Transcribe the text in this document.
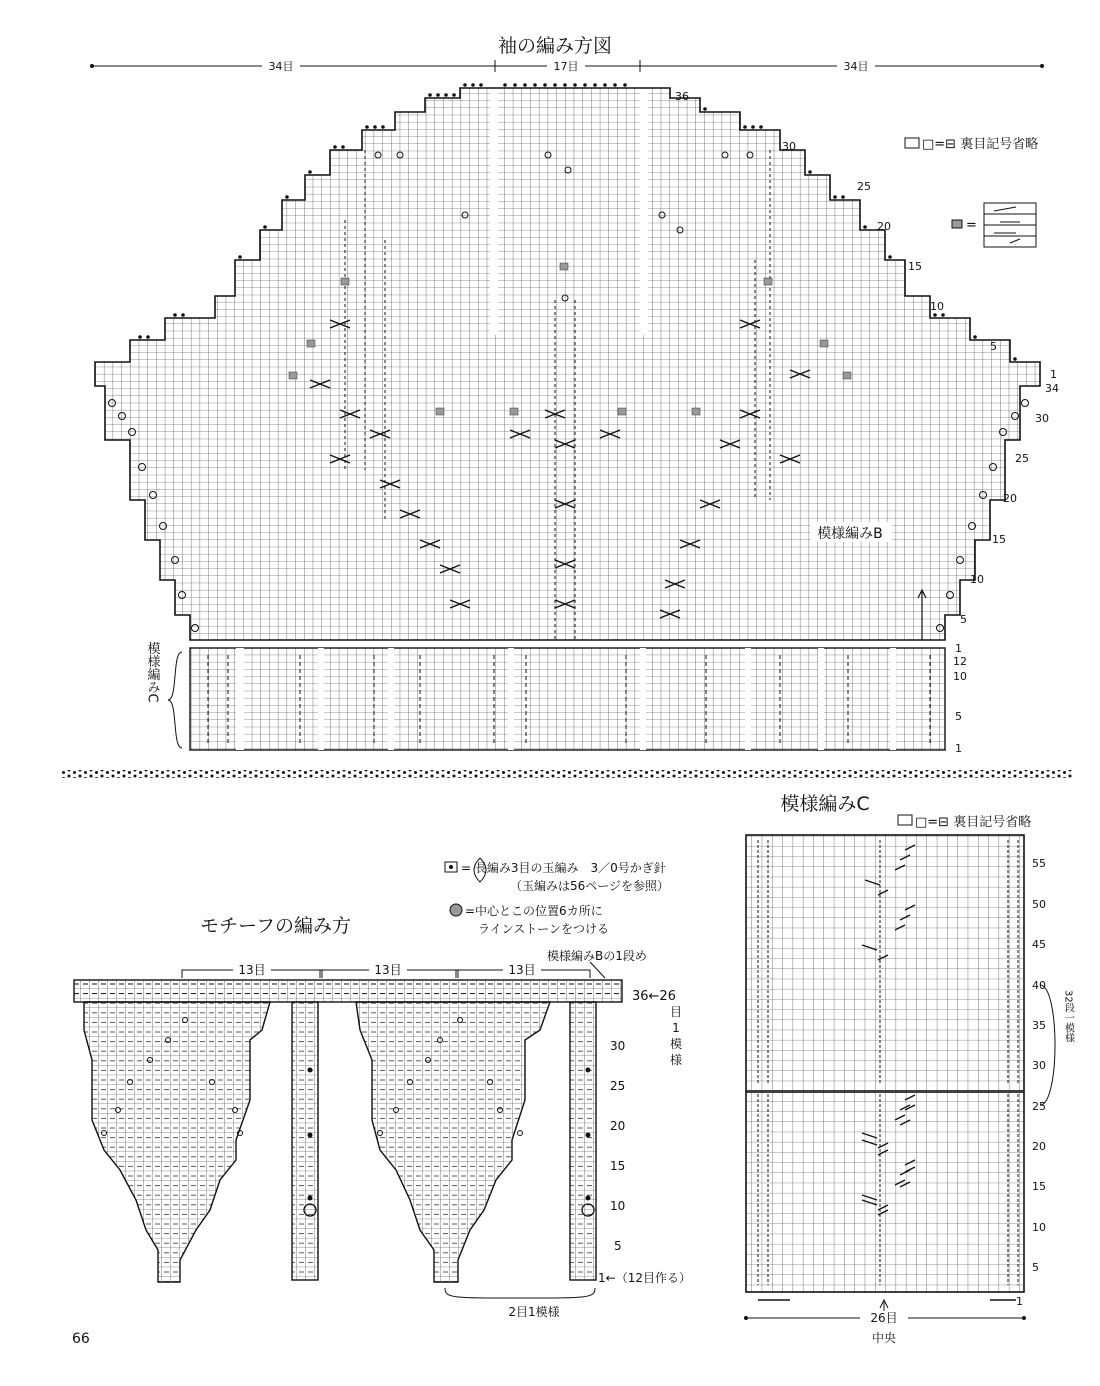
袖の編み方図
34目	17目	34目
模様編みC
模様編みB
36
30
25
20
15
10
5
1
34
30
25
20
15
10
5
1
12
10
5
1
□=⊟ 裏目記号省略
=
模様編みC
□=⊟ 裏目記号省略
55
50
45
40
35
30
25
20
15
10
5
1
32段一模様
26目
中央
モチーフの編み方
= 長編み3目の玉編み　3／0号かぎ針
（玉編みは56ページを参照）
=中心とこの位置6カ所に
ラインストーンをつける
13目	13目	13目
模様編みBの1段め
36←26
目
1
模
様
30
25
20
15
10
5
1←（12目作る）
2目1模様
66
